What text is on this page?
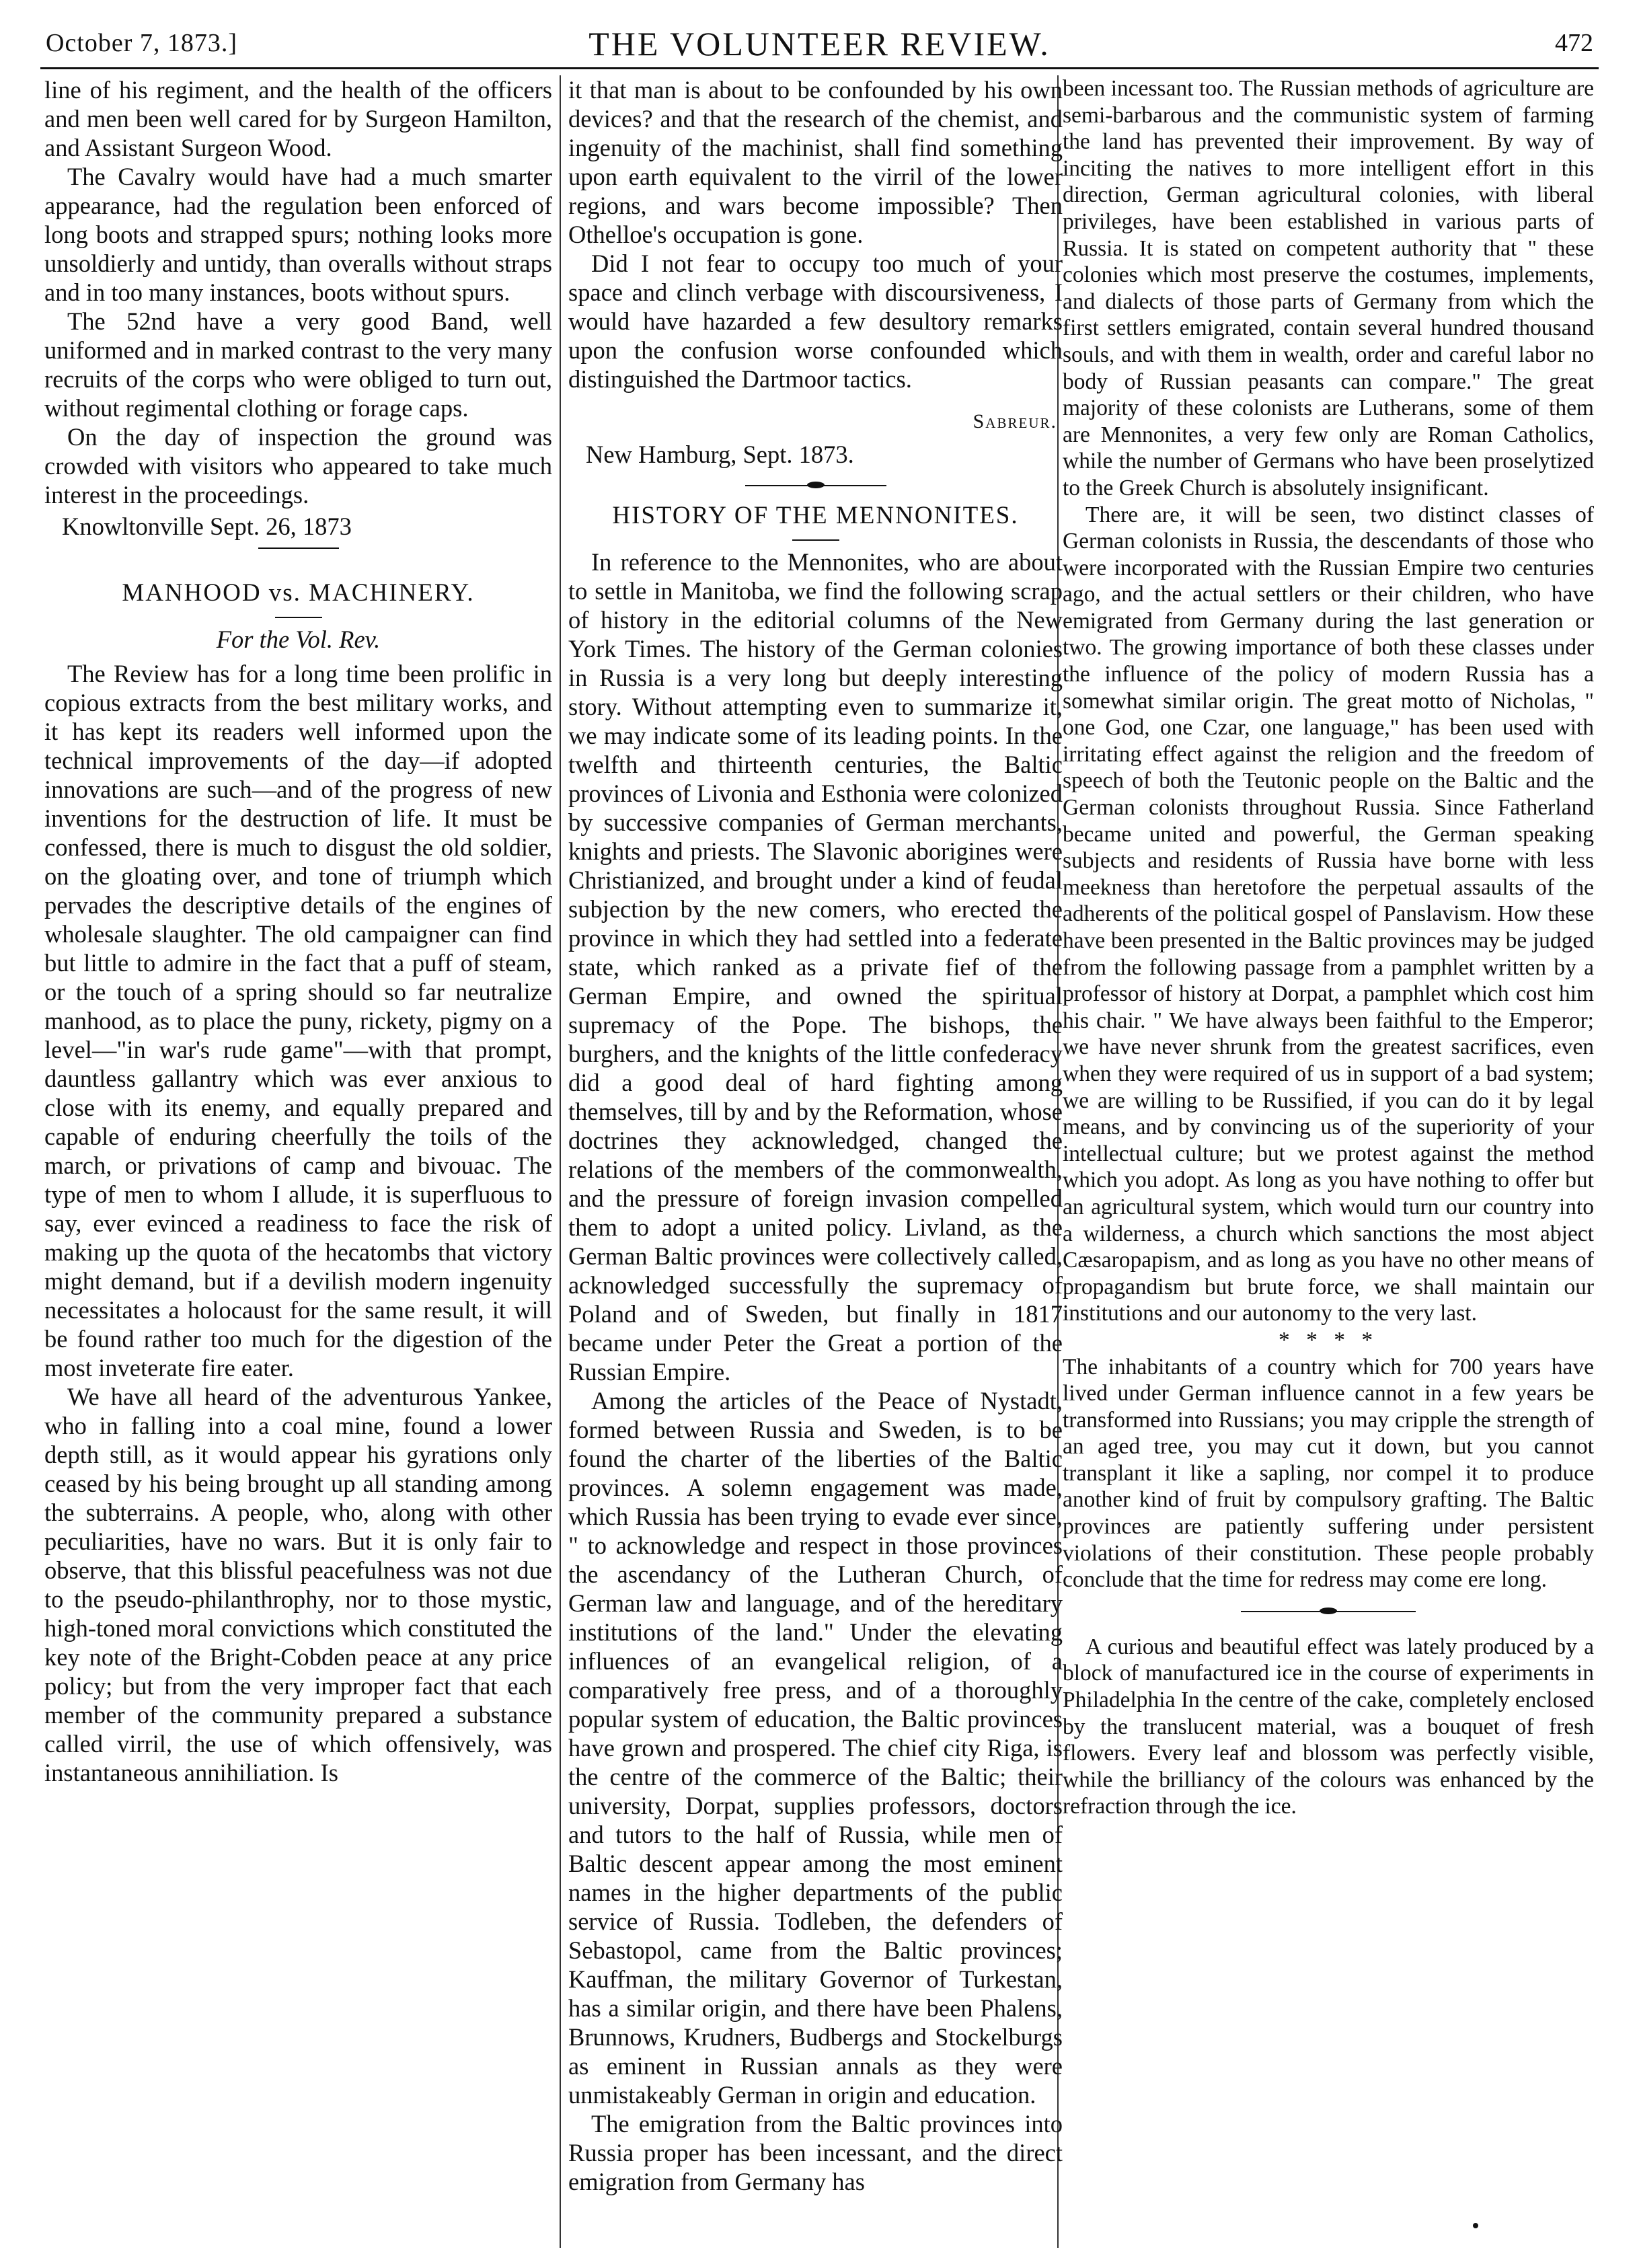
October 7, 1873.]	THE VOLUNTEER REVIEW.	472

line of his regiment, and the health of the officers and men been well cared for by Surgeon Hamilton, and Assistant Surgeon Wood.

The Cavalry would have had a much smarter appearance, had the regulation been enforced of long boots and strapped spurs; nothing looks more unsoldierly and untidy, than overalls without straps and in too many instances, boots without spurs.

The 52nd have a very good Band, well uniformed and in marked contrast to the very many recruits of the corps who were obliged to turn out, without regimental clothing or forage caps.

On the day of inspection the ground was crowded with visitors who appeared to take much interest in the proceedings.

Knowltonville Sept. 26, 1873

MANHOOD vs. MACHINERY.

For the Vol. Rev.

The Review has for a long time been prolific in copious extracts from the best military works, and it has kept its readers well informed upon the technical improvements of the day—if adopted innovations are such—and of the progress of new inventions for the destruction of life. It must be confessed, there is much to disgust the old soldier, on the gloating over, and tone of triumph which pervades the descriptive details of the engines of wholesale slaughter. The old campaigner can find but little to admire in the fact that a puff of steam, or the touch of a spring should so far neutralize manhood, as to place the puny, rickety, pigmy on a level—"in war's rude game"—with that prompt, dauntless gallantry which was ever anxious to close with its enemy, and equally prepared and capable of enduring cheerfully the toils of the march, or privations of camp and bivouac. The type of men to whom I allude, it is superfluous to say, ever evinced a readiness to face the risk of making up the quota of the hecatombs that victory might demand, but if a devilish modern ingenuity necessitates a holocaust for the same result, it will be found rather too much for the digestion of the most inveterate fire eater.

We have all heard of the adventurous Yankee, who in falling into a coal mine, found a lower depth still, as it would appear his gyrations only ceased by his being brought up all standing among the subterrains. A people, who, along with other peculiarities, have no wars. But it is only fair to observe, that this blissful peacefulness was not due to the pseudo-philanthrophy, nor to those mystic, high-toned moral convictions which constituted the key note of the Bright-Cobden peace at any price policy; but from the very improper fact that each member of the community prepared a substance called virril, the use of which offensively, was instantaneous annihiliation. Is

it that man is about to be confounded by his own devices? and that the research of the chemist, and ingenuity of the machinist, shall find something upon earth equivalent to the virril of the lower regions, and wars become impossible? Then Othelloe's occupation is gone.

Did I not fear to occupy too much of your space and clinch verbage with discoursiveness, I would have hazarded a few desultory remarks upon the confusion worse confounded which distinguished the Dartmoor tactics.

Sabreur.

New Hamburg, Sept. 1873.

HISTORY OF THE MENNONITES.

In reference to the Mennonites, who are about to settle in Manitoba, we find the following scrap of history in the editorial columns of the New York Times. The history of the German colonies in Russia is a very long but deeply interesting story. Without attempting even to summarize it, we may indicate some of its leading points. In the twelfth and thirteenth centuries, the Baltic provinces of Livonia and Esthonia were colonized by successive companies of German merchants, knights and priests. The Slavonic aborigines were Christianized, and brought under a kind of feudal subjection by the new comers, who erected the province in which they had settled into a federate state, which ranked as a private fief of the German Empire, and owned the spiritual supremacy of the Pope. The bishops, the burghers, and the knights of the little confederacy did a good deal of hard fighting among themselves, till by and by the Reformation, whose doctrines they acknowledged, changed the relations of the members of the commonwealth, and the pressure of foreign invasion compelled them to adopt a united policy. Livland, as the German Baltic provinces were collectively called, acknowledged successfully the supremacy of Poland and of Sweden, but finally in 1817 became under Peter the Great a portion of the Russian Empire.

Among the articles of the Peace of Nystadt, formed between Russia and Sweden, is to be found the charter of the liberties of the Baltic provinces. A solemn engagement was made, which Russia has been trying to evade ever since, " to acknowledge and respect in those provinces the ascendancy of the Lutheran Church, of German law and language, and of the hereditary institutions of the land." Under the elevating influences of an evangelical religion, of a comparatively free press, and of a thoroughly popular system of education, the Baltic provinces have grown and prospered. The chief city Riga, is the centre of the commerce of the Baltic; their university, Dorpat, supplies professors, doctors and tutors to the half of Russia, while men of Baltic descent appear among the most eminent names in the higher departments of the public service of Russia. Todleben, the defenders of Sebastopol, came from the Baltic provinces; Kauffman, the military Governor of Turkestan, has a similar origin, and there have been Phalens, Brunnows, Krudners, Budbergs and Stockelburgs as eminent in Russian annals as they were unmistakeably German in origin and education.

The emigration from the Baltic provinces into Russia proper has been incessant, and the direct emigration from Germany has

been incessant too. The Russian methods of agriculture are semi-barbarous and the communistic system of farming the land has prevented their improvement. By way of inciting the natives to more intelligent effort in this direction, German agricultural colonies, with liberal privileges, have been established in various parts of Russia. It is stated on competent authority that " these colonies which most preserve the costumes, implements, and dialects of those parts of Germany from which the first settlers emigrated, contain several hundred thousand souls, and with them in wealth, order and careful labor no body of Russian peasants can compare." The great majority of these colonists are Lutherans, some of them are Mennonites, a very few only are Roman Catholics, while the number of Germans who have been proselytized to the Greek Church is absolutely insignificant.

There are, it will be seen, two distinct classes of German colonists in Russia, the descendants of those who were incorporated with the Russian Empire two centuries ago, and the actual settlers or their children, who have emigrated from Germany during the last generation or two. The growing importance of both these classes under the influence of the policy of modern Russia has a somewhat similar origin. The great motto of Nicholas, " one God, one Czar, one language," has been used with irritating effect against the religion and the freedom of speech of both the Teutonic people on the Baltic and the German colonists throughout Russia. Since Fatherland became united and powerful, the German speaking subjects and residents of Russia have borne with less meekness than heretofore the perpetual assaults of the adherents of the political gospel of Panslavism. How these have been presented in the Baltic provinces may be judged from the following passage from a pamphlet written by a professor of history at Dorpat, a pamphlet which cost him his chair. " We have always been faithful to the Emperor; we have never shrunk from the greatest sacrifices, even when they were required of us in support of a bad system; we are willing to be Russified, if you can do it by legal means, and by convincing us of the superiority of your intellectual culture; but we protest against the method which you adopt. As long as you have nothing to offer but an agricultural system, which would turn our country into a wilderness, a church which sanctions the most abject Cæsaropapism, and as long as you have no other means of propagandism but brute force, we shall maintain our institutions and our autonomy to the very last.

* * * *

The inhabitants of a country which for 700 years have lived under German influence cannot in a few years be transformed into Russians; you may cripple the strength of an aged tree, you may cut it down, but you cannot transplant it like a sapling, nor compel it to produce another kind of fruit by compulsory grafting. The Baltic provinces are patiently suffering under persistent violations of their constitution. These people probably conclude that the time for redress may come ere long.

A curious and beautiful effect was lately produced by a block of manufactured ice in the course of experiments in Philadelphia In the centre of the cake, completely enclosed by the translucent material, was a bouquet of fresh flowers. Every leaf and blossom was perfectly visible, while the brilliancy of the colours was enhanced by the refraction through the ice.
